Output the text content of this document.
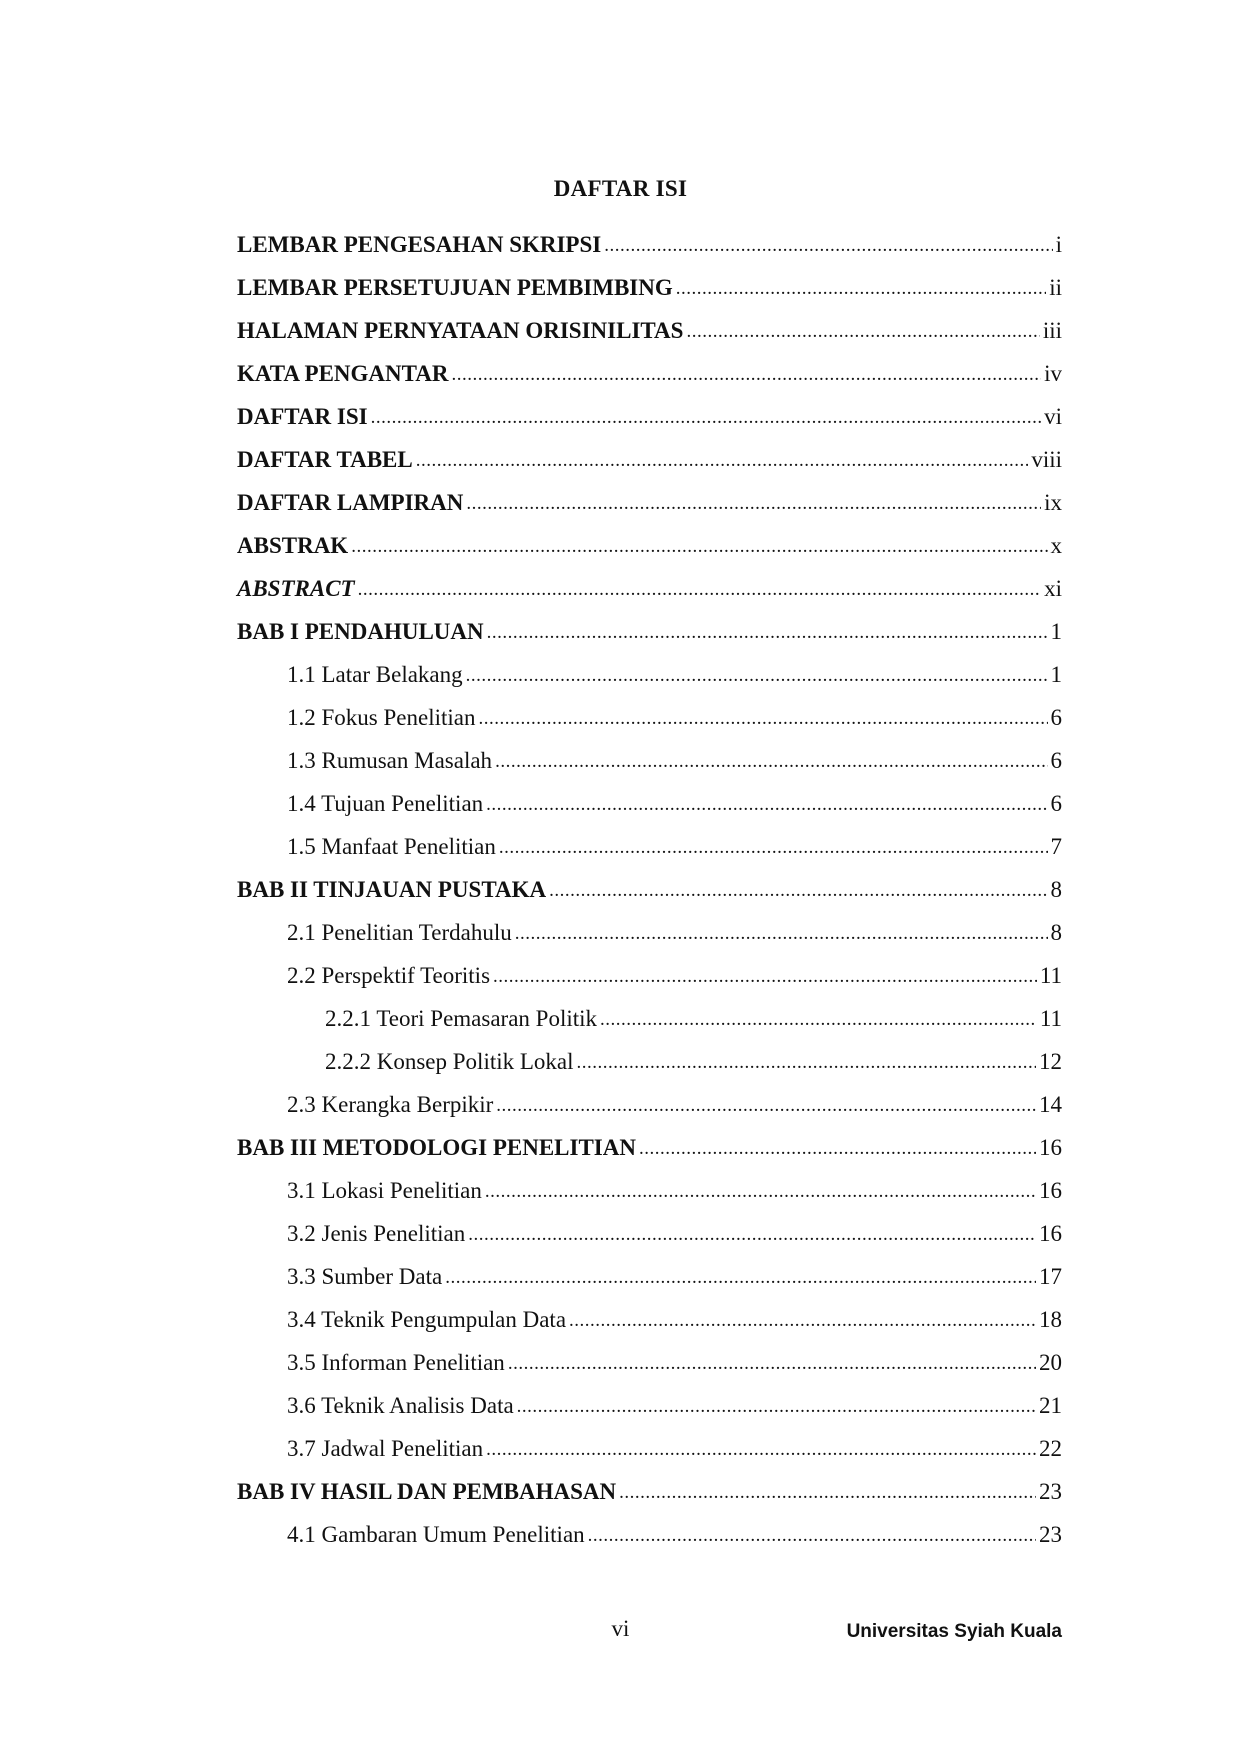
DAFTAR ISI
LEMBAR PENGESAHAN SKRIPSI .....	i
LEMBAR PERSETUJUAN PEMBIMBING .....	ii
HALAMAN PERNYATAAN ORISINILITAS .....	iii
KATA PENGANTAR .....	iv
DAFTAR ISI .....	vi
DAFTAR TABEL .....	viii
DAFTAR LAMPIRAN .....	ix
ABSTRAK .....	x
ABSTRACT .....	xi
BAB I PENDAHULUAN .....	1
1.1 Latar Belakang .....	1
1.2 Fokus Penelitian .....	6
1.3 Rumusan Masalah .....	6
1.4 Tujuan Penelitian .....	6
1.5 Manfaat Penelitian .....	7
BAB II TINJAUAN PUSTAKA .....	8
2.1 Penelitian Terdahulu .....	8
2.2 Perspektif Teoritis .....	11
2.2.1 Teori Pemasaran Politik .....	11
2.2.2 Konsep Politik Lokal .....	12
2.3 Kerangka Berpikir .....	14
BAB III METODOLOGI PENELITIAN .....	16
3.1 Lokasi Penelitian .....	16
3.2 Jenis Penelitian .....	16
3.3 Sumber Data .....	17
3.4 Teknik Pengumpulan Data .....	18
3.5 Informan Penelitian .....	20
3.6 Teknik Analisis Data .....	21
3.7 Jadwal Penelitian .....	22
BAB IV HASIL DAN PEMBAHASAN .....	23
4.1 Gambaran Umum Penelitian .....	23
vi	Universitas Syiah Kuala
